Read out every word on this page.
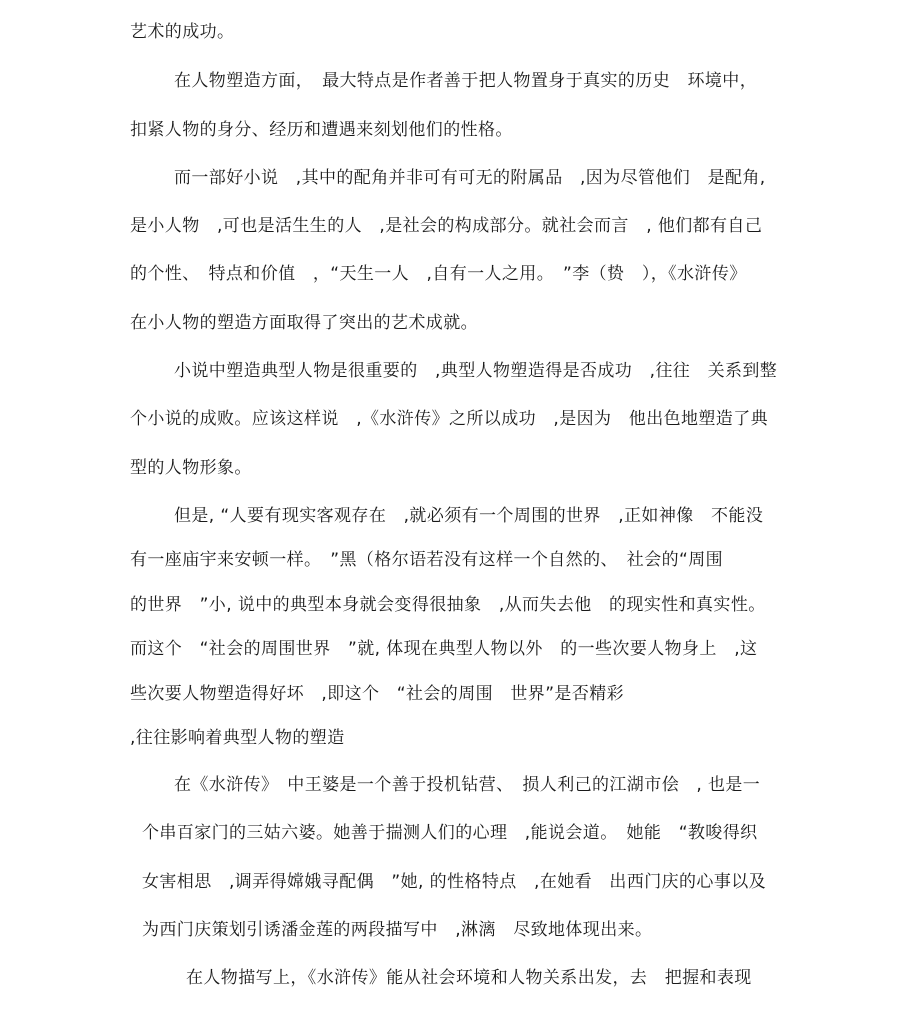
艺术的成功。
在人物塑造方面，　最大特点是作者善于把人物置身于真实的历史　环境中，
扣紧人物的身分、经历和遭遇来刻划他们的性格。
而一部好小说　,其中的配角并非可有可无的附属品　,因为尽管他们　是配角,
是小人物　,可也是活生生的人　,是社会的构成部分。就社会而言　, 他们都有自己
的个性、　特点和价值　，“天生一人　,自有一人之用。　”李（贽　），《水浒传》
在小人物的塑造方面取得了突出的艺术成就。
小说中塑造典型人物是很重要的　,典型人物塑造得是否成功　,往往　关系到整
个小说的成败。应该这样说　,《水浒传》之所以成功　,是因为　他出色地塑造了典
型的人物形象。
但是, “人要有现实客观存在　,就必须有一个周围的世界　,正如神像　不能没
有一座庙宇来安顿一样。　”黑（格尔语若没有这样一个自然的、　社会的“周围
的世界　”小, 说中的典型本身就会变得很抽象　,从而失去他　的现实性和真实性。
而这个　“社会的周围世界　”就, 体现在典型人物以外　的一些次要人物身上　,这
些次要人物塑造得好坏　,即这个　“社会的周围　世界”是否精彩
,往往影响着典型人物的塑造
在《水浒传》　中王婆是一个善于投机钻营、　损人利己的江湖市侩　, 也是一
个串百家门的三姑六婆。她善于揣测人们的心理　,能说会道。　她能　“教唆得织
女害相思　,调弄得嫦娥寻配偶　”她, 的性格特点　,在她看　出西门庆的心事以及
为西门庆策划引诱潘金莲的两段描写中　,淋漓　尽致地体现出来。
在人物描写上，《水浒传》能从社会环境和人物关系出发，去　把握和表现
